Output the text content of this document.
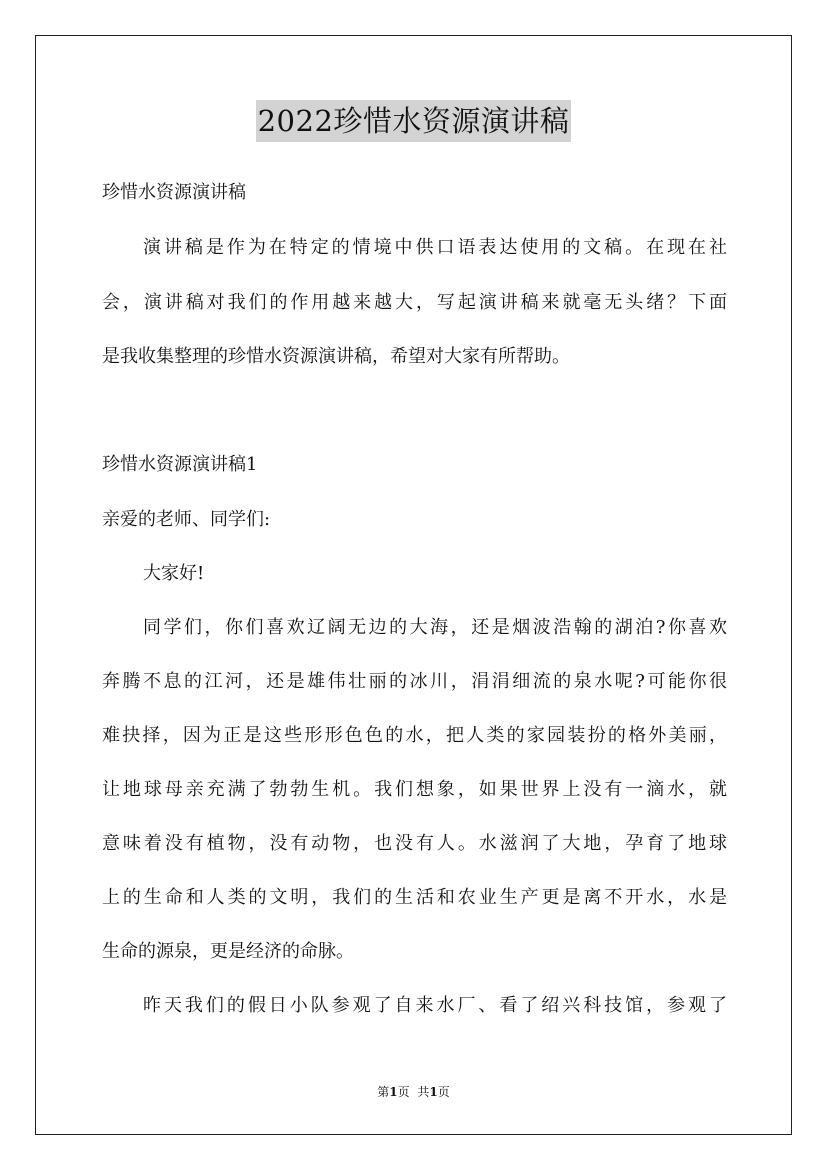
2022珍惜水资源演讲稿
珍惜水资源演讲稿
演讲稿是作为在特定的情境中供口语表达使用的文稿。在现在社
会，演讲稿对我们的作用越来越大，写起演讲稿来就毫无头绪？下面
是我收集整理的珍惜水资源演讲稿，希望对大家有所帮助。
珍惜水资源演讲稿1
亲爱的老师、同学们:
大家好!
同学们，你们喜欢辽阔无边的大海，还是烟波浩翰的湖泊?你喜欢
奔腾不息的江河，还是雄伟壮丽的冰川，涓涓细流的泉水呢?可能你很
难抉择，因为正是这些形形色色的水，把人类的家园装扮的格外美丽，
让地球母亲充满了勃勃生机。我们想象，如果世界上没有一滴水，就
意味着没有植物，没有动物，也没有人。水滋润了大地，孕育了地球
上的生命和人类的文明，我们的生活和农业生产更是离不开水，水是
生命的源泉，更是经济的命脉。
昨天我们的假日小队参观了自来水厂、看了绍兴科技馆，参观了
第1页 共1页
